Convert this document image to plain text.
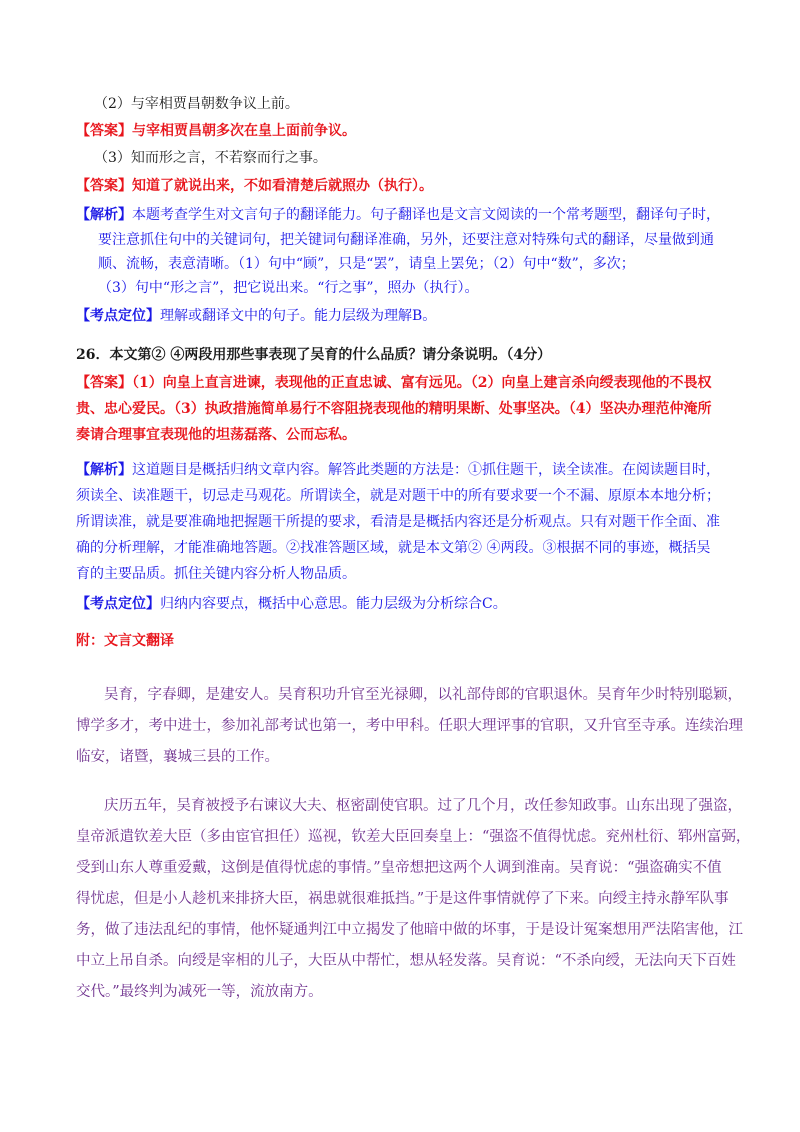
（2）与宰相贾昌朝数争议上前。
【答案】与宰相贾昌朝多次在皇上面前争议。
（3）知而形之言，不若察而行之事。
【答案】知道了就说出来，不如看清楚后就照办（执行）。
【解析】本题考查学生对文言句子的翻译能力。句子翻译也是文言文阅读的一个常考题型，翻译句子时，
要注意抓住句中的关键词句，把关键词句翻译准确，另外，还要注意对特殊句式的翻译，尽量做到通
顺、流畅，表意清晰。（1）句中“顾”，只是“罢”，请皇上罢免；（2）句中“数”，多次；
（3）句中“形之言”，把它说出来。“行之事”，照办（执行）。
【考点定位】理解或翻译文中的句子。能力层级为理解B。
26．本文第② ④两段用那些事表现了吴育的什么品质？请分条说明。（4分）
【答案】（1）向皇上直言进谏，表现他的正直忠诚、富有远见。（2）向皇上建言杀向绶表现他的不畏权
贵、忠心爱民。（3）执政措施简单易行不容阻挠表现他的精明果断、处事坚决。（4）坚决办理范仲淹所
奏请合理事宜表现他的坦荡磊落、公而忘私。
【解析】这道题目是概括归纳文章内容。解答此类题的方法是：①抓住题干，读全读准。在阅读题目时，
须读全、读准题干，切忌走马观花。所谓读全，就是对题干中的所有要求要一个不漏、原原本本地分析；
所谓读准，就是要准确地把握题干所提的要求，看清是是概括内容还是分析观点。只有对题干作全面、准
确的分析理解，才能准确地答题。②找准答题区域，就是本文第② ④两段。③根据不同的事迹，概括吴
育的主要品质。抓住关键内容分析人物品质。
【考点定位】归纳内容要点，概括中心意思。能力层级为分析综合C。
附：文言文翻译
吴育，字春卿，是建安人。吴育积功升官至光禄卿，以礼部侍郎的官职退休。吴育年少时特别聪颖，
博学多才，考中进士，参加礼部考试也第一，考中甲科。任职大理评事的官职，又升官至寺承。连续治理
临安，诸暨，襄城三县的工作。
庆历五年，吴育被授予右谏议大夫、枢密副使官职。过了几个月，改任参知政事。山东出现了强盗，
皇帝派遣钦差大臣（多由宦官担任）巡视，钦差大臣回奏皇上：“强盗不值得忧虑。兖州杜衍、郓州富弼，
受到山东人尊重爱戴，这倒是值得忧虑的事情。”皇帝想把这两个人调到淮南。吴育说：“强盗确实不值
得忧虑，但是小人趁机来排挤大臣，祸患就很难抵挡。”于是这件事情就停了下来。向绶主持永静军队事
务，做了违法乱纪的事情，他怀疑通判江中立揭发了他暗中做的坏事，于是设计冤案想用严法陷害他，江
中立上吊自杀。向绶是宰相的儿子，大臣从中帮忙，想从轻发落。吴育说：“不杀向绶，无法向天下百姓
交代。”最终判为减死一等，流放南方。
